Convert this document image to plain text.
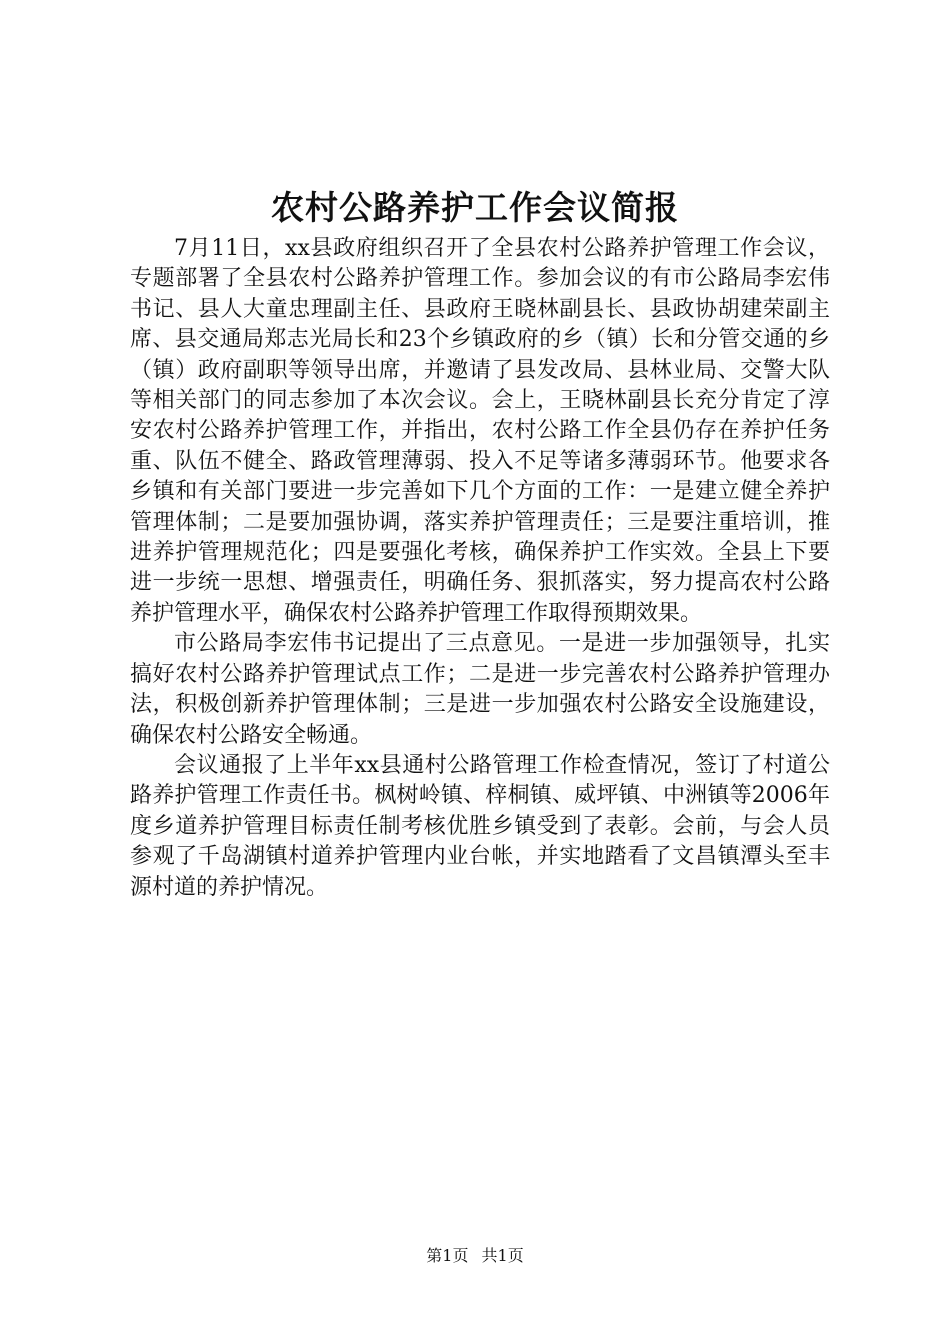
农村公路养护工作会议简报

7月11日，xx县政府组织召开了全县农村公路养护管理工作会议，专题部署了全县农村公路养护管理工作。参加会议的有市公路局李宏伟书记、县人大童忠理副主任、县政府王晓林副县长、县政协胡建荣副主席、县交通局郑志光局长和23个乡镇政府的乡（镇）长和分管交通的乡（镇）政府副职等领导出席，并邀请了县发改局、县林业局、交警大队等相关部门的同志参加了本次会议。会上，王晓林副县长充分肯定了淳安农村公路养护管理工作，并指出，农村公路工作全县仍存在养护任务重、队伍不健全、路政管理薄弱、投入不足等诸多薄弱环节。他要求各乡镇和有关部门要进一步完善如下几个方面的工作：一是建立健全养护管理体制；二是要加强协调，落实养护管理责任；三是要注重培训，推进养护管理规范化；四是要强化考核，确保养护工作实效。全县上下要进一步统一思想、增强责任，明确任务、狠抓落实，努力提高农村公路养护管理水平，确保农村公路养护管理工作取得预期效果。

市公路局李宏伟书记提出了三点意见。一是进一步加强领导，扎实搞好农村公路养护管理试点工作；二是进一步完善农村公路养护管理办法，积极创新养护管理体制；三是进一步加强农村公路安全设施建设，确保农村公路安全畅通。

会议通报了上半年xx县通村公路管理工作检查情况，签订了村道公路养护管理工作责任书。枫树岭镇、梓桐镇、威坪镇、中洲镇等2006年度乡道养护管理目标责任制考核优胜乡镇受到了表彰。会前，与会人员参观了千岛湖镇村道养护管理内业台帐，并实地踏看了文昌镇潭头至丰源村道的养护情况。

第1页 共1页
